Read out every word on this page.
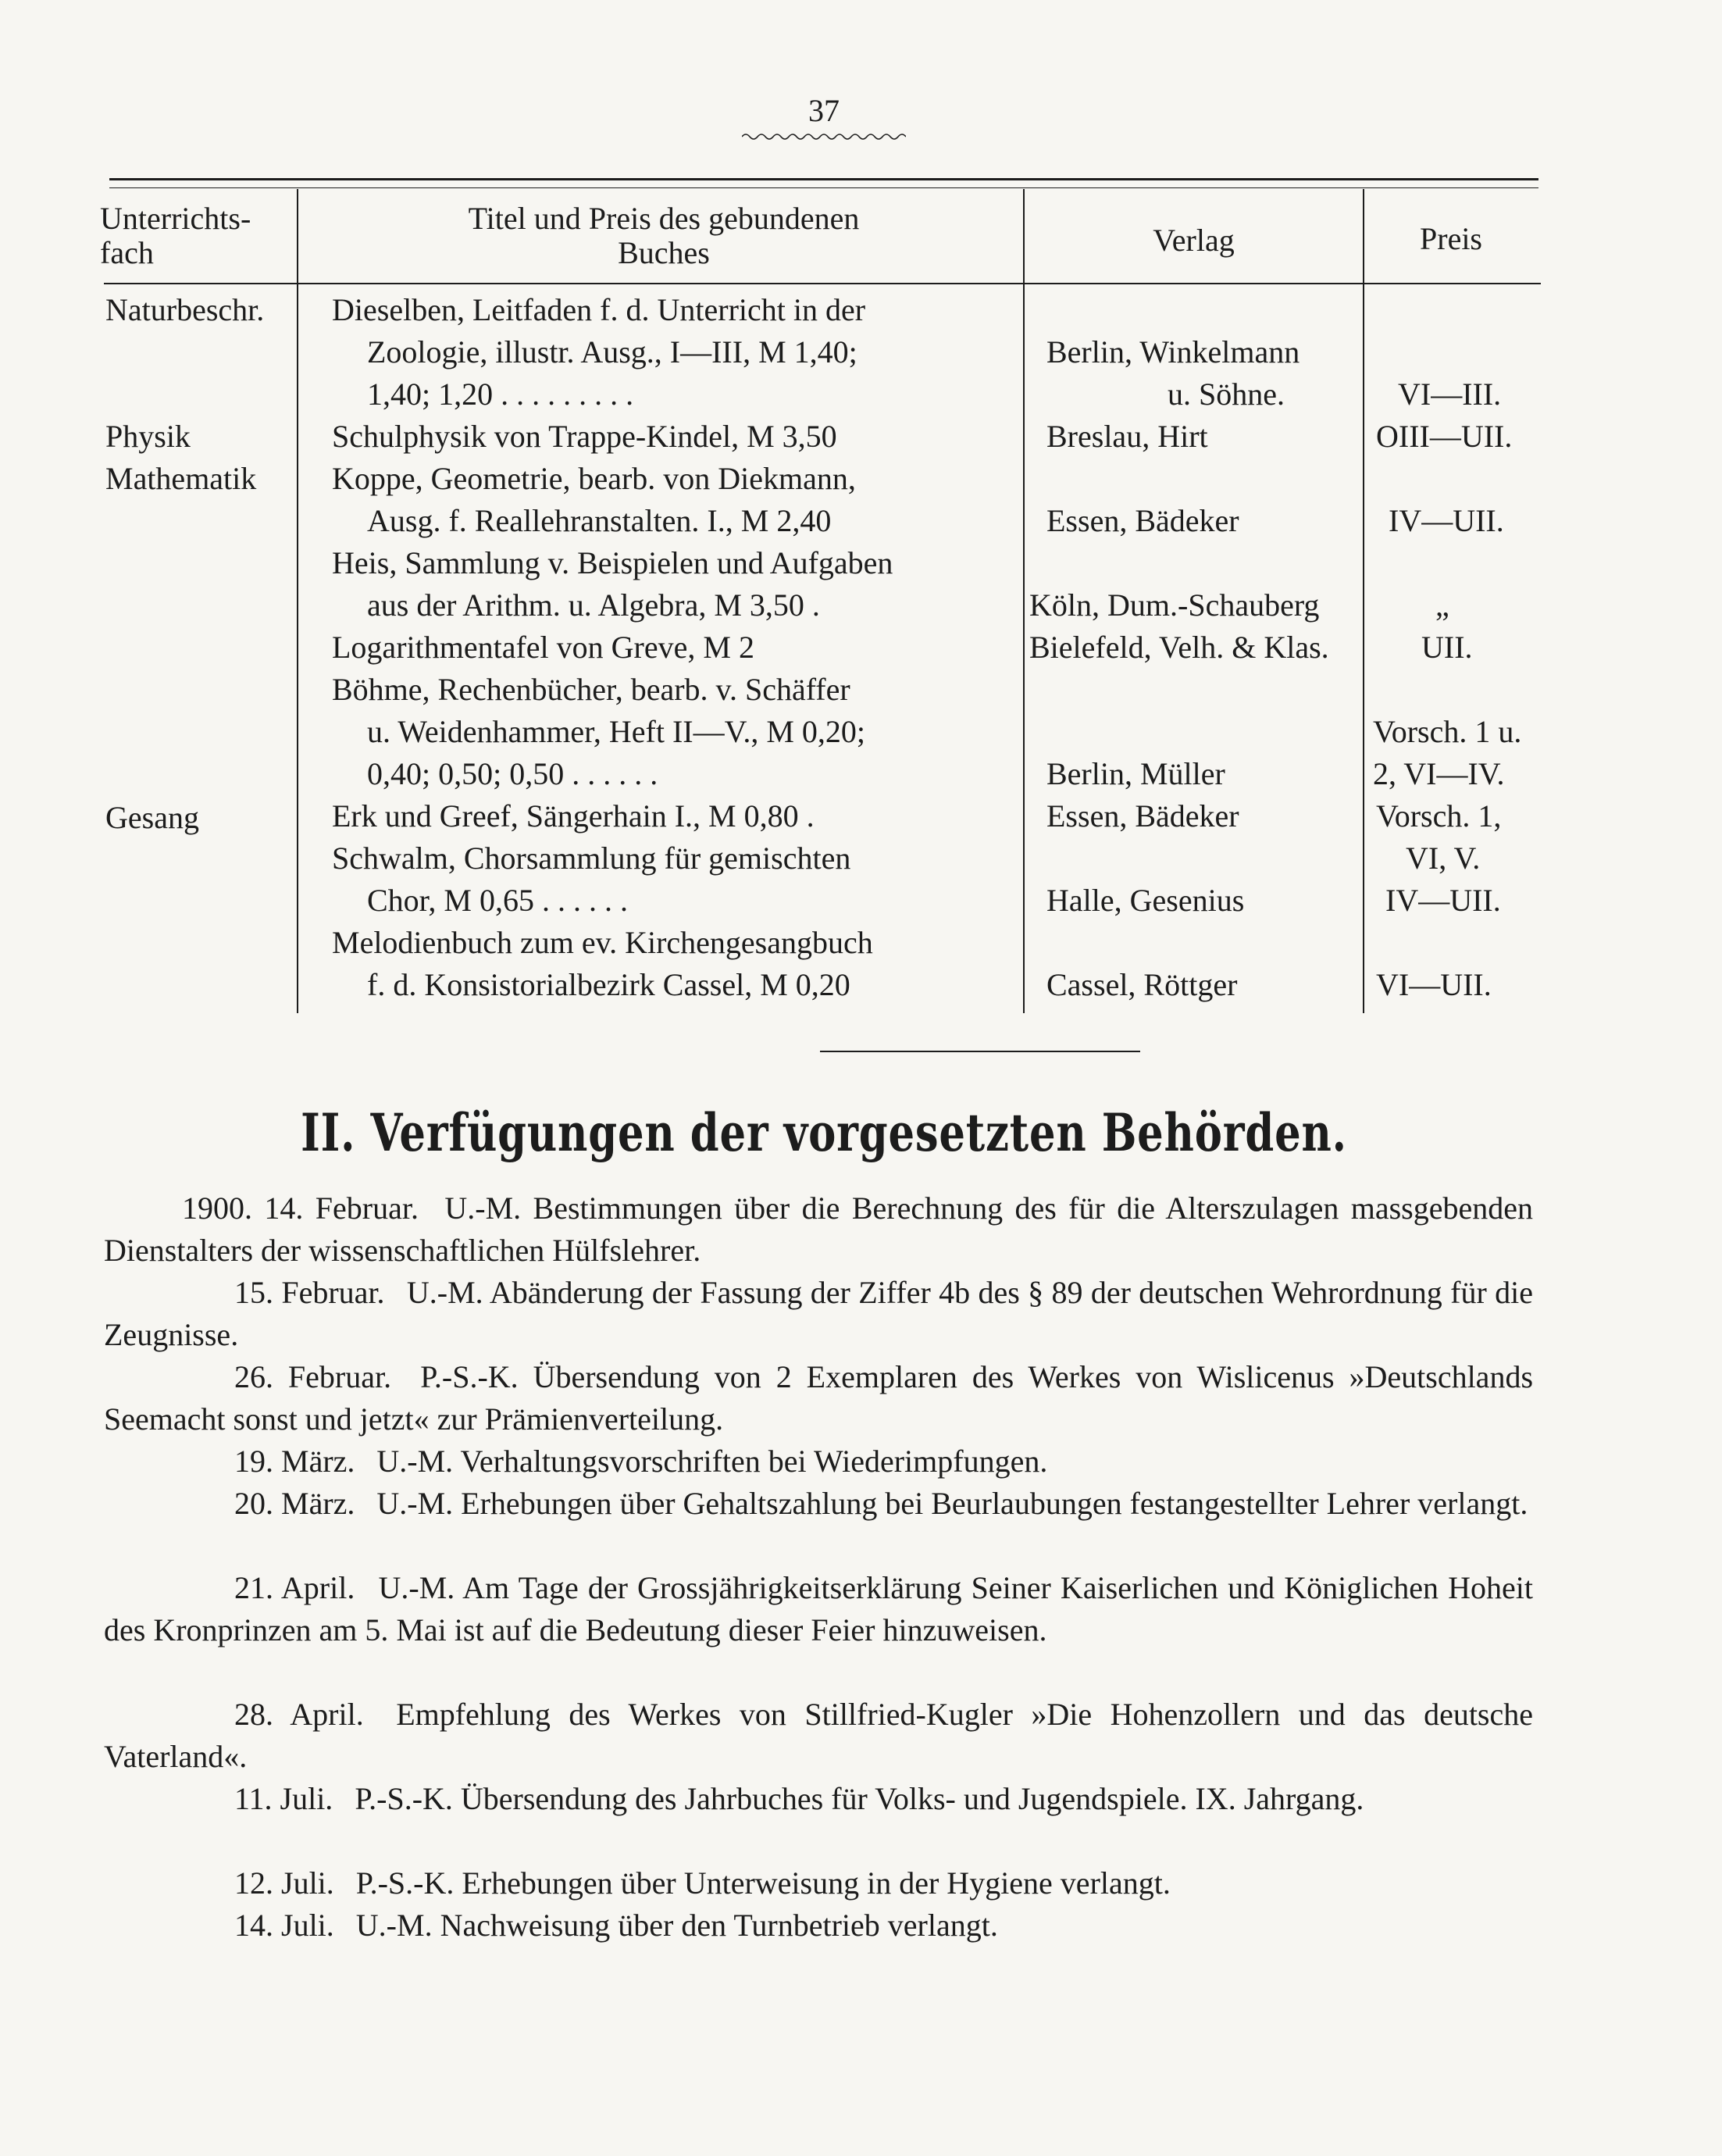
37
Unterrichts-fach
Titel und Preis des gebundenen Buches	Verlag	Preis
Naturbeschr.
Physik
Mathematik
Gesang
Dieselben, Leitfaden f. d. Unterricht in der
Zoologie, illustr. Ausg., I—III, M 1,40;
1,40; 1,20 . . . . . . . . .
Schulphysik von Trappe-Kindel, M 3,50
Koppe, Geometrie, bearb. von Diekmann,
Ausg. f. Reallehranstalten. I., M 2,40
Heis, Sammlung v. Beispielen und Aufgaben
aus der Arithm. u. Algebra, M 3,50 .
Logarithmentafel von Greve, M 2
Böhme, Rechenbücher, bearb. v. Schäffer
u. Weidenhammer, Heft II—V., M 0,20;
0,40; 0,50; 0,50 . . . . . .
Erk und Greef, Sängerhain I., M 0,80 .
Schwalm, Chorsammlung für gemischten
Chor, M 0,65 . . . . . .
Melodienbuch zum ev. Kirchengesangbuch
f. d. Konsistorialbezirk Cassel, M 0,20
Berlin, Winkelmann
u. Söhne.
Breslau, Hirt
Essen, Bädeker
Köln, Dum.-Schauberg
Bielefeld, Velh. & Klas.
Berlin, Müller
Essen, Bädeker
Halle, Gesenius
Cassel, Röttger
VI—III.
OIII—UII.
IV—UII.
„
UII.
Vorsch. 1 u.
2, VI—IV.
Vorsch. 1,
VI, V.
IV—UII.
VI—UII.
II. Verfügungen der vorgesetzten Behörden.
1900. 14. Februar. U.-M. Bestimmungen über die Berechnung des für die Alterszulagen massgebenden Dienstalters der wissenschaftlichen Hülfslehrer.
15. Februar. U.-M. Abänderung der Fassung der Ziffer 4b des § 89 der deutschen Wehrordnung für die Zeugnisse.
26. Februar. P.-S.-K. Übersendung von 2 Exemplaren des Werkes von Wislicenus »Deutschlands Seemacht sonst und jetzt« zur Prämienverteilung.
19. März. U.-M. Verhaltungsvorschriften bei Wiederimpfungen.
20. März. U.-M. Erhebungen über Gehaltszahlung bei Beurlaubungen festangestellter Lehrer verlangt.
21. April. U.-M. Am Tage der Grossjährigkeitserklärung Seiner Kaiserlichen und Königlichen Hoheit des Kronprinzen am 5. Mai ist auf die Bedeutung dieser Feier hinzuweisen.
28. April. Empfehlung des Werkes von Stillfried-Kugler »Die Hohenzollern und das deutsche Vaterland«.
11. Juli. P.-S.-K. Übersendung des Jahrbuches für Volks- und Jugendspiele. IX. Jahrgang.
12. Juli. P.-S.-K. Erhebungen über Unterweisung in der Hygiene verlangt.
14. Juli. U.-M. Nachweisung über den Turnbetrieb verlangt.
